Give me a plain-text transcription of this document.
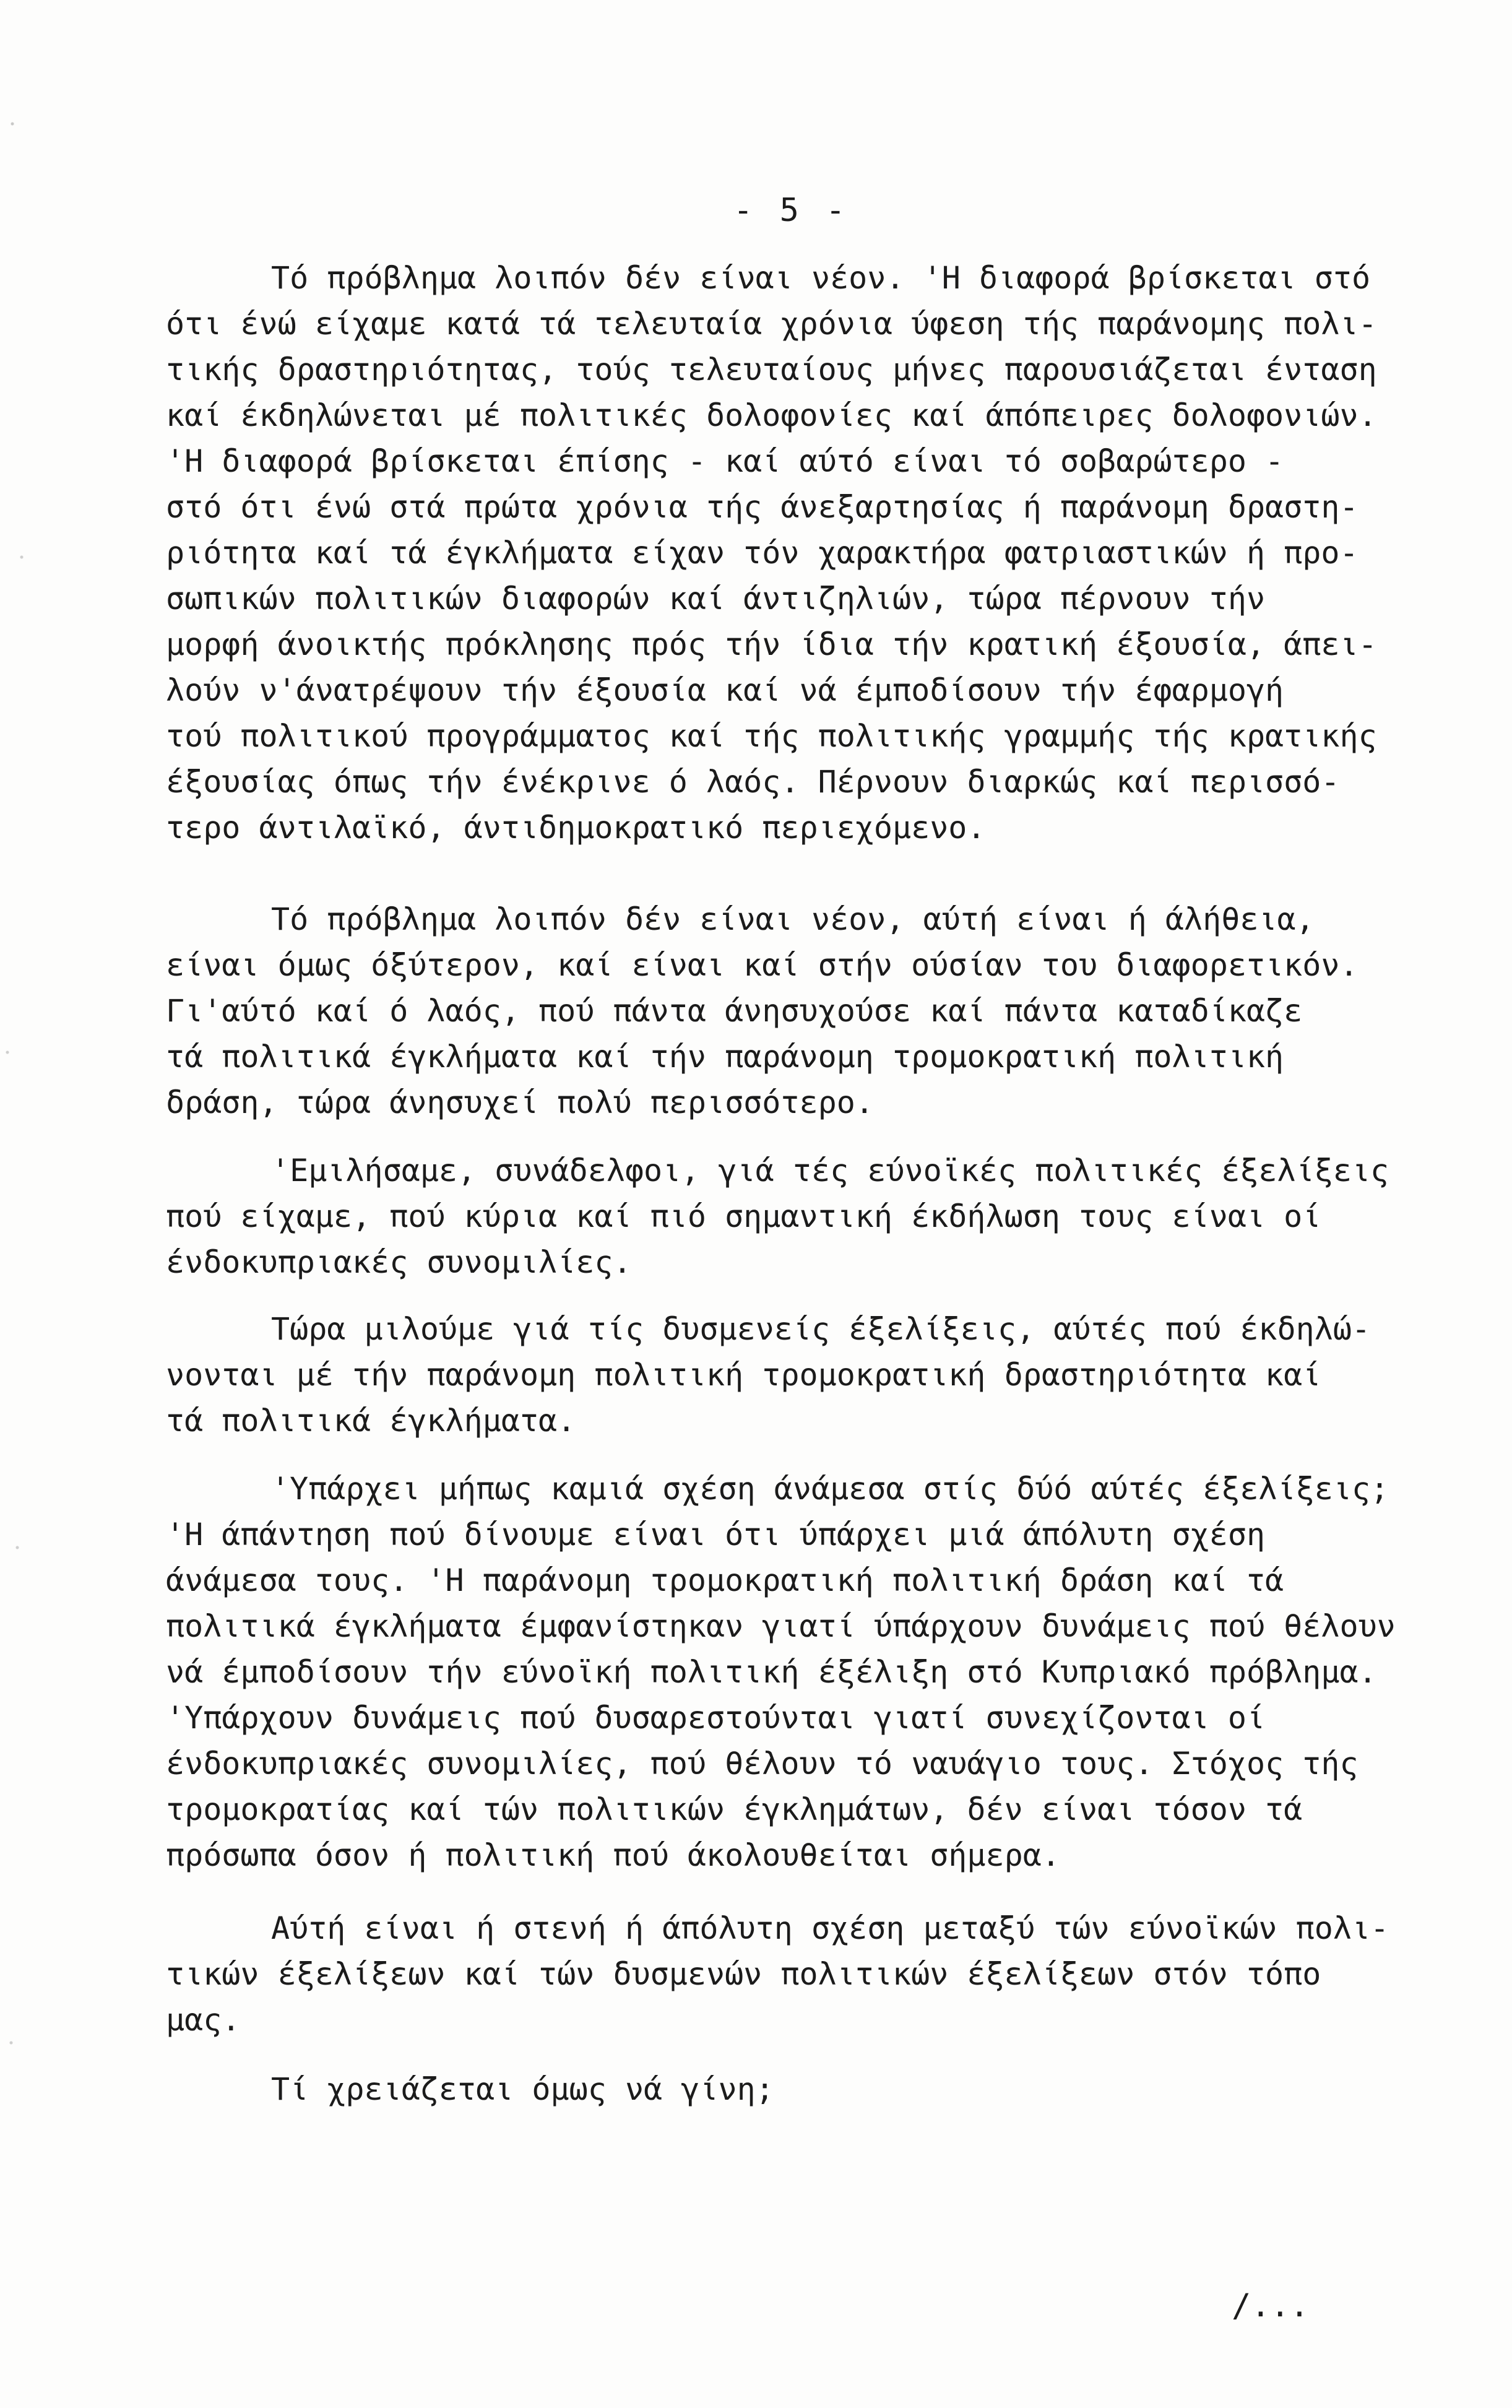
- 5 -
Τό πρόβλημα λοιπόν δέν είναι νέον. 'Η διαφορά βρίσκεται στό
ότι ένώ είχαμε κατά τά τελευταία χρόνια ύφεση τής παράνομης πολι-
τικής δραστηριότητας, τούς τελευταίους μήνες παρουσιάζεται ένταση
καί έκδηλώνεται μέ πολιτικές δολοφονίες καί άπόπειρες δολοφονιών.
'Η διαφορά βρίσκεται έπίσης - καί αύτό είναι τό σοβαρώτερο -
στό ότι ένώ στά πρώτα χρόνια τής άνεξαρτησίας ή παράνομη δραστη-
ριότητα καί τά έγκλήματα είχαν τόν χαρακτήρα φατριαστικών ή προ-
σωπικών πολιτικών διαφορών καί άντιζηλιών, τώρα πέρνουν τήν
μορφή άνοικτής πρόκλησης πρός τήν ίδια τήν κρατική έξουσία, άπει-
λούν ν'άνατρέψουν τήν έξουσία καί νά έμποδίσουν τήν έφαρμογή
τού πολιτικού προγράμματος καί τής πολιτικής γραμμής τής κρατικής
έξουσίας όπως τήν ένέκρινε ό λαός. Πέρνουν διαρκώς καί περισσό-
τερο άντιλαϊκό, άντιδημοκρατικό περιεχόμενο.
Τό πρόβλημα λοιπόν δέν είναι νέον, αύτή είναι ή άλήθεια,
είναι όμως όξύτερον, καί είναι καί στήν ούσίαν του διαφορετικόν.
Γι'αύτό καί ό λαός, πού πάντα άνησυχούσε καί πάντα καταδίκαζε
τά πολιτικά έγκλήματα καί τήν παράνομη τρομοκρατική πολιτική
δράση, τώρα άνησυχεί πολύ περισσότερο.
'Εμιλήσαμε, συνάδελφοι, γιά τές εύνοϊκές πολιτικές έξελίξεις
πού είχαμε, πού κύρια καί πιό σημαντική έκδήλωση τους είναι οί
ένδοκυπριακές συνομιλίες.
Τώρα μιλούμε γιά τίς δυσμενείς έξελίξεις, αύτές πού έκδηλώ-
νονται μέ τήν παράνομη πολιτική τρομοκρατική δραστηριότητα καί
τά πολιτικά έγκλήματα.
'Υπάρχει μήπως καμιά σχέση άνάμεσα στίς δύό αύτές έξελίξεις;
'Η άπάντηση πού δίνουμε είναι ότι ύπάρχει μιά άπόλυτη σχέση
άνάμεσα τους. 'Η παράνομη τρομοκρατική πολιτική δράση καί τά
πολιτικά έγκλήματα έμφανίστηκαν γιατί ύπάρχουν δυνάμεις πού θέλουν
νά έμποδίσουν τήν εύνοϊκή πολιτική έξέλιξη στό Κυπριακό πρόβλημα.
'Υπάρχουν δυνάμεις πού δυσαρεστούνται γιατί συνεχίζονται οί
ένδοκυπριακές συνομιλίες, πού θέλουν τό ναυάγιο τους. Στόχος τής
τρομοκρατίας καί τών πολιτικών έγκλημάτων, δέν είναι τόσον τά
πρόσωπα όσον ή πολιτική πού άκολουθείται σήμερα.
Αύτή είναι ή στενή ή άπόλυτη σχέση μεταξύ τών εύνοϊκών πολι-
τικών έξελίξεων καί τών δυσμενών πολιτικών έξελίξεων στόν τόπο
μας.
Τί χρειάζεται όμως νά γίνη;
/...
